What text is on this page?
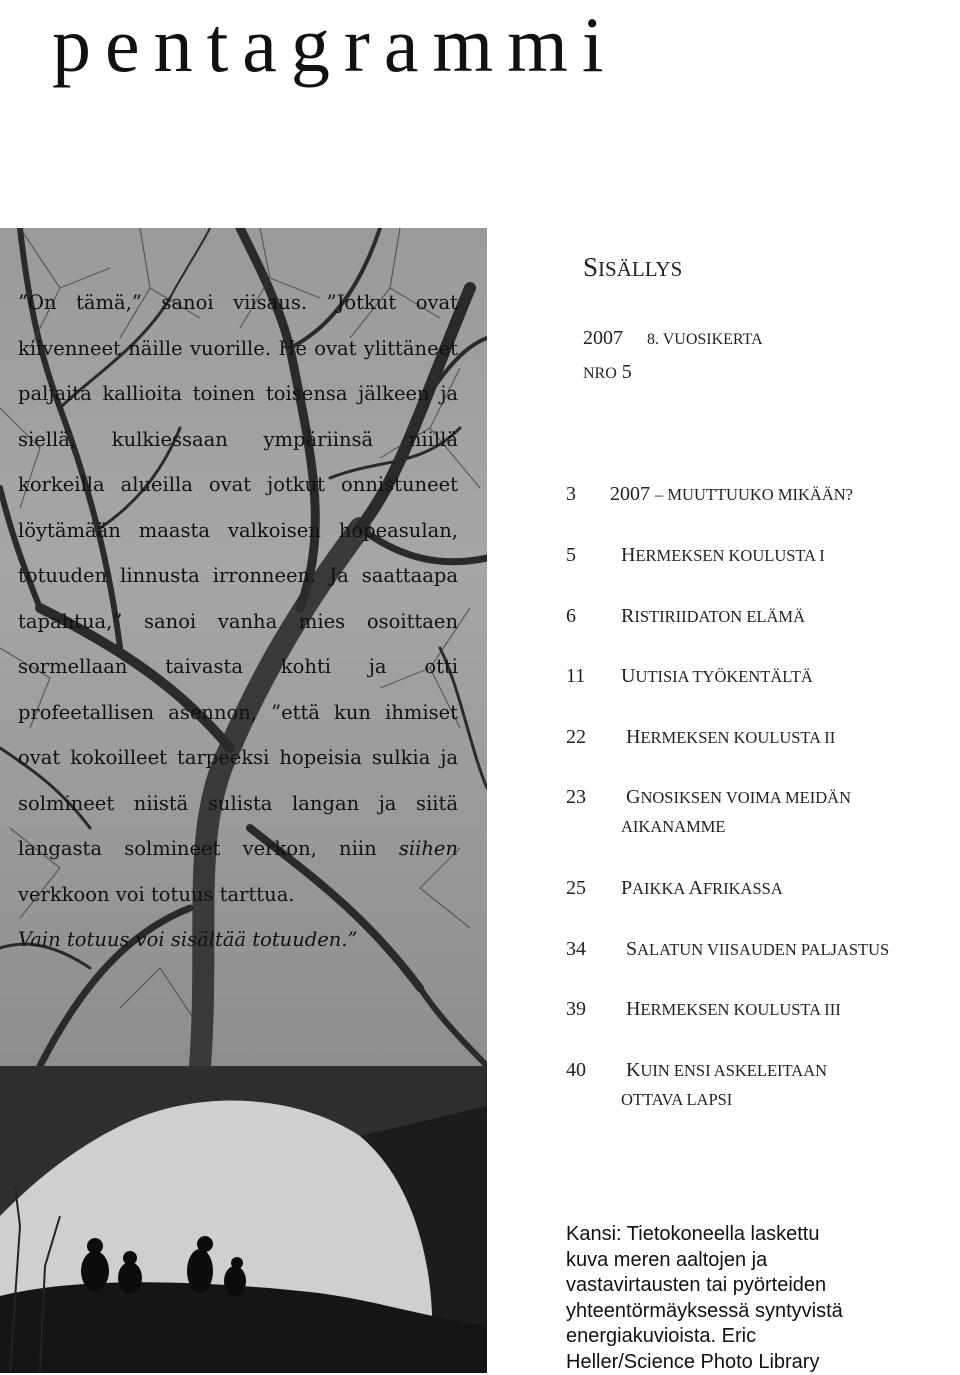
pentagrammi

”On tämä,” sanoi viisaus. ”Jotkut ovat kiivenneet näille vuorille. He ovat ylittäneet paljaita kallioita toinen toisensa jälkeen ja siellä, kulkiessaan ympäriinsä niillä korkeilla alueilla ovat jotkut onnistuneet löytämään maasta valkoisen hopeasulan, totuuden linnusta irronneen. Ja saattaapa tapahtua,” sanoi vanha mies osoittaen sormellaan taivasta kohti ja otti profeetallisen asennon, ”että kun ihmiset ovat kokoilleet tarpeeksi hopeisia sulkia ja solmineet niistä sulista langan ja siitä langasta solmineet verkon, niin siihen verkkoon voi totuus tarttua.

Vain totuus voi sisältää totuuden.”

SISÄLLYS
2007 8. VUOSIKERTA
NRO 5
3 2007 – MUUTTUUKO MIKÄÄN?
5 HERMEKSEN KOULUSTA I
6 RISTIRIIDATON ELÄMÄ
11 UUTISIA TYÖKENTÄLTÄ
22 HERMEKSEN KOULUSTA II
23 GNOSIKSEN VOIMA MEIDÄN
AIKANAMME
25 PAIKKA AFRIKASSA
34 SALATUN VIISAUDEN PALJASTUS
39 HERMEKSEN KOULUSTA III
40 KUIN ENSI ASKELEITAAN
OTTAVA LAPSI
Kansi: Tietokoneella laskettu kuva meren aaltojen ja vastavirtausten tai pyörteiden yhteentörmäyksessä syntyvistä energiakuvioista. Eric Heller/Science Photo Library
